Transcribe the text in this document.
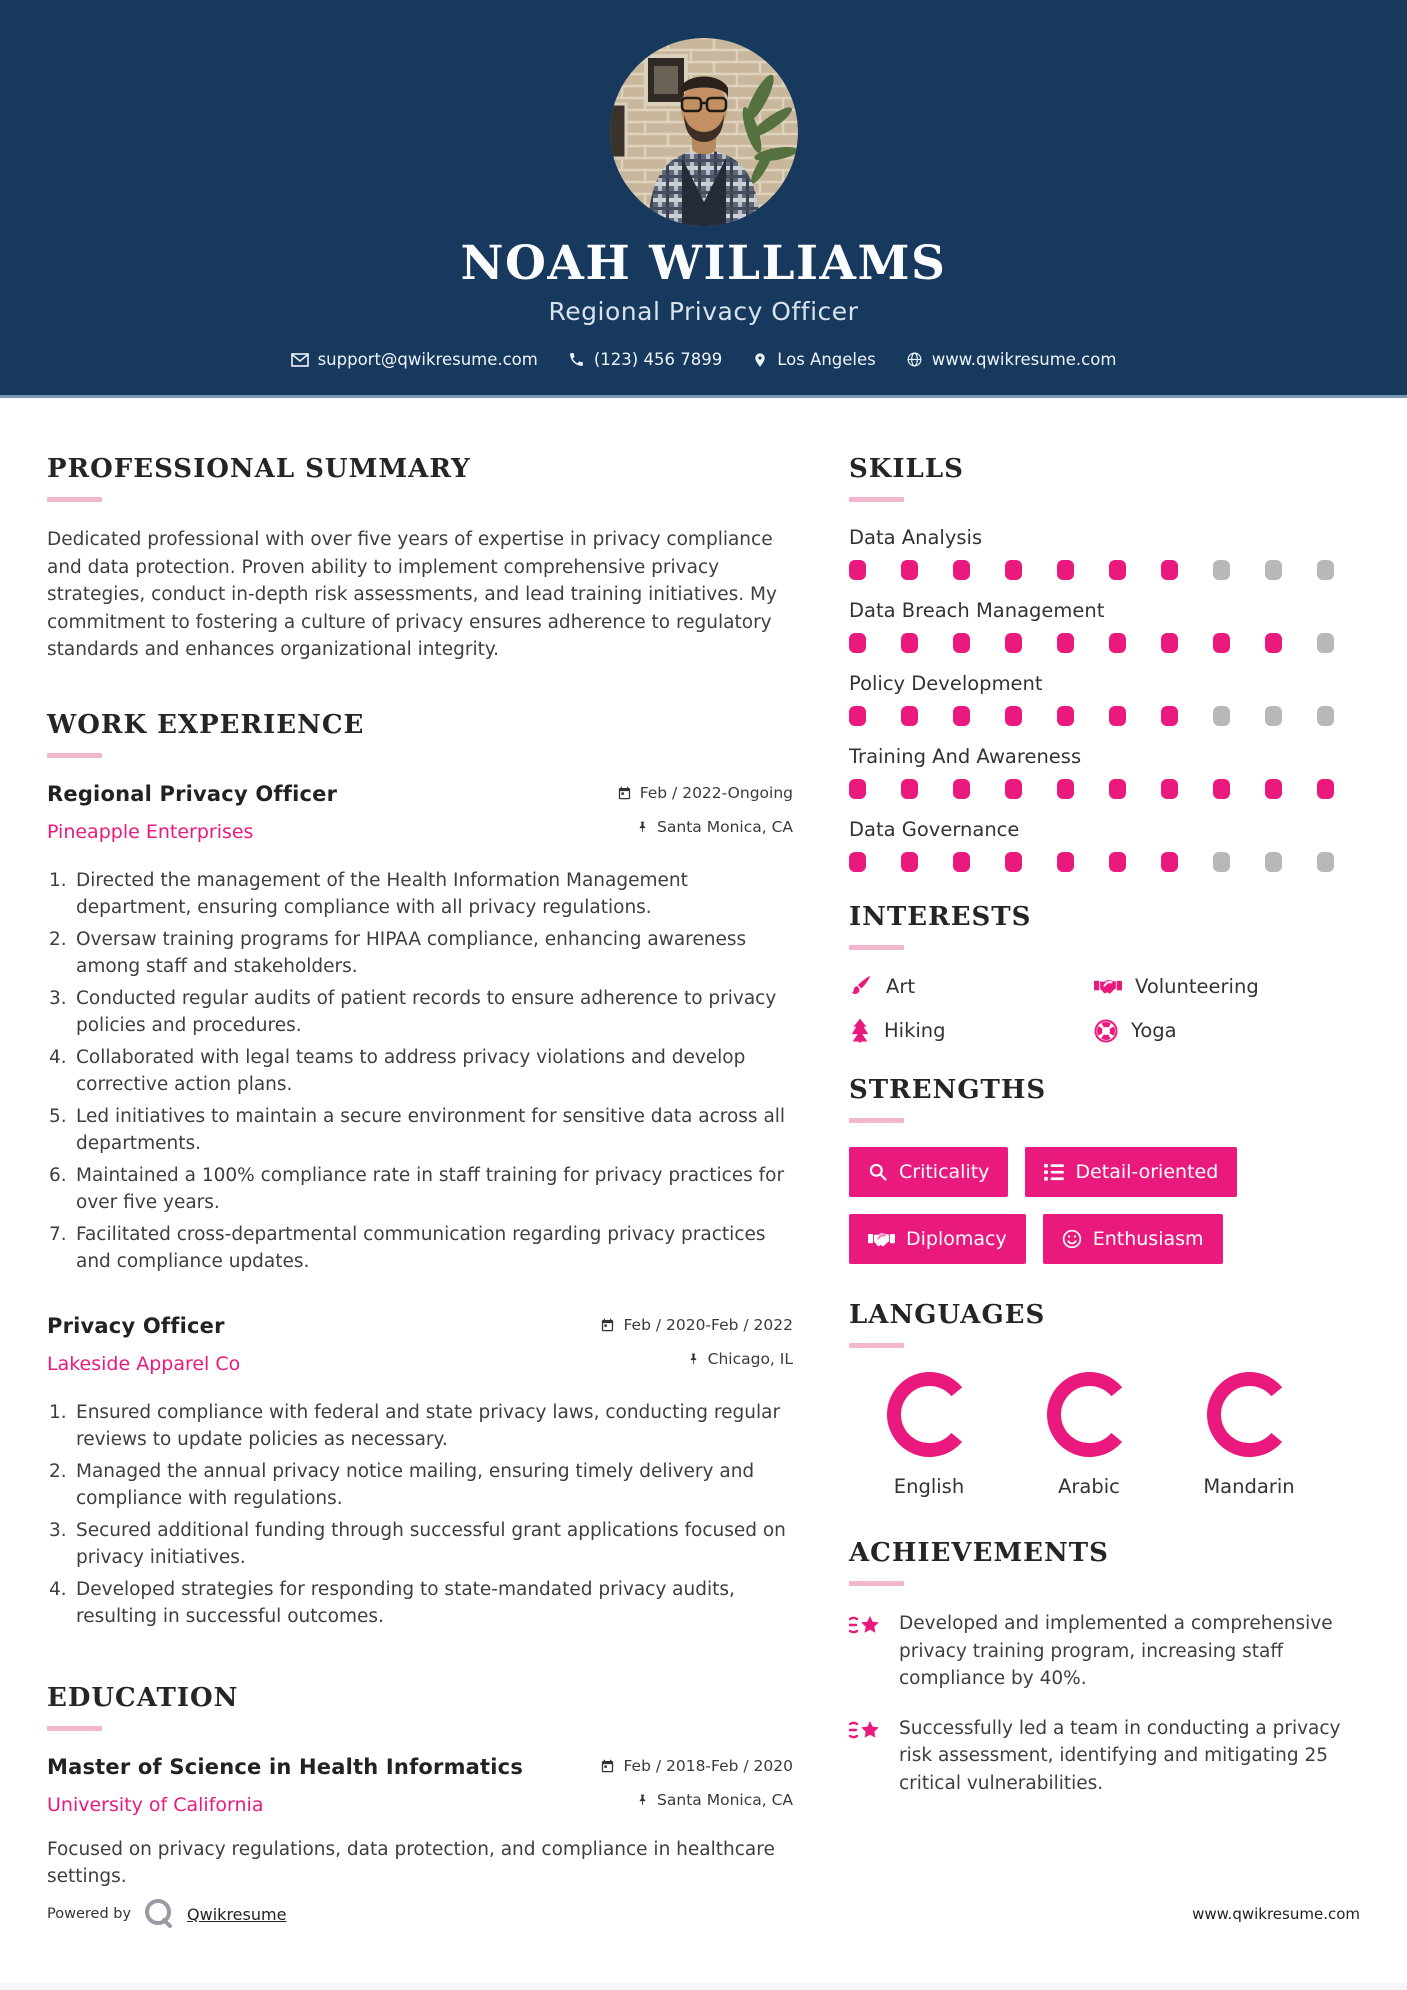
NOAH WILLIAMS
Regional Privacy Officer
support@qwikresume.com	(123) 456 7899	Los Angeles	www.qwikresume.com
PROFESSIONAL SUMMARY

Dedicated professional with over five years of expertise in privacy compliance and data protection. Proven ability to implement comprehensive privacy strategies, conduct in-depth risk assessments, and lead training initiatives. My commitment to fostering a culture of privacy ensures adherence to regulatory standards and enhances organizational integrity.

WORK EXPERIENCE
Regional Privacy Officer
Pineapple Enterprises
Feb / 2022-Ongoing
Santa Monica, CA
Directed the management of the Health Information Management department, ensuring compliance with all privacy regulations.
Oversaw training programs for HIPAA compliance, enhancing awareness among staff and stakeholders.
Conducted regular audits of patient records to ensure adherence to privacy policies and procedures.
Collaborated with legal teams to address privacy violations and develop corrective action plans.
Led initiatives to maintain a secure environment for sensitive data across all departments.
Maintained a 100% compliance rate in staff training for privacy practices for over five years.
Facilitated cross-departmental communication regarding privacy practices and compliance updates.
Privacy Officer
Lakeside Apparel Co
Feb / 2020-Feb / 2022
Chicago, IL
Ensured compliance with federal and state privacy laws, conducting regular reviews to update policies as necessary.
Managed the annual privacy notice mailing, ensuring timely delivery and compliance with regulations.
Secured additional funding through successful grant applications focused on privacy initiatives.
Developed strategies for responding to state-mandated privacy audits, resulting in successful outcomes.
EDUCATION
Master of Science in Health Informatics
University of California
Feb / 2018-Feb / 2020
Santa Monica, CA

Focused on privacy regulations, data protection, and compliance in healthcare settings.

SKILLS
Data Analysis
Data Breach Management
Policy Development
Training And Awareness
Data Governance
INTERESTS
Art	Volunteering
Hiking	Yoga
STRENGTHS
Criticality	Detail-oriented
Diplomacy	Enthusiasm
LANGUAGES
English	Arabic	Mandarin
ACHIEVEMENTS
Developed and implemented a comprehensive privacy training program, increasing staff compliance by 40%.
Successfully led a team in conducting a privacy risk assessment, identifying and mitigating 25 critical vulnerabilities.
Powered by	Qwikresume	www.qwikresume.com
